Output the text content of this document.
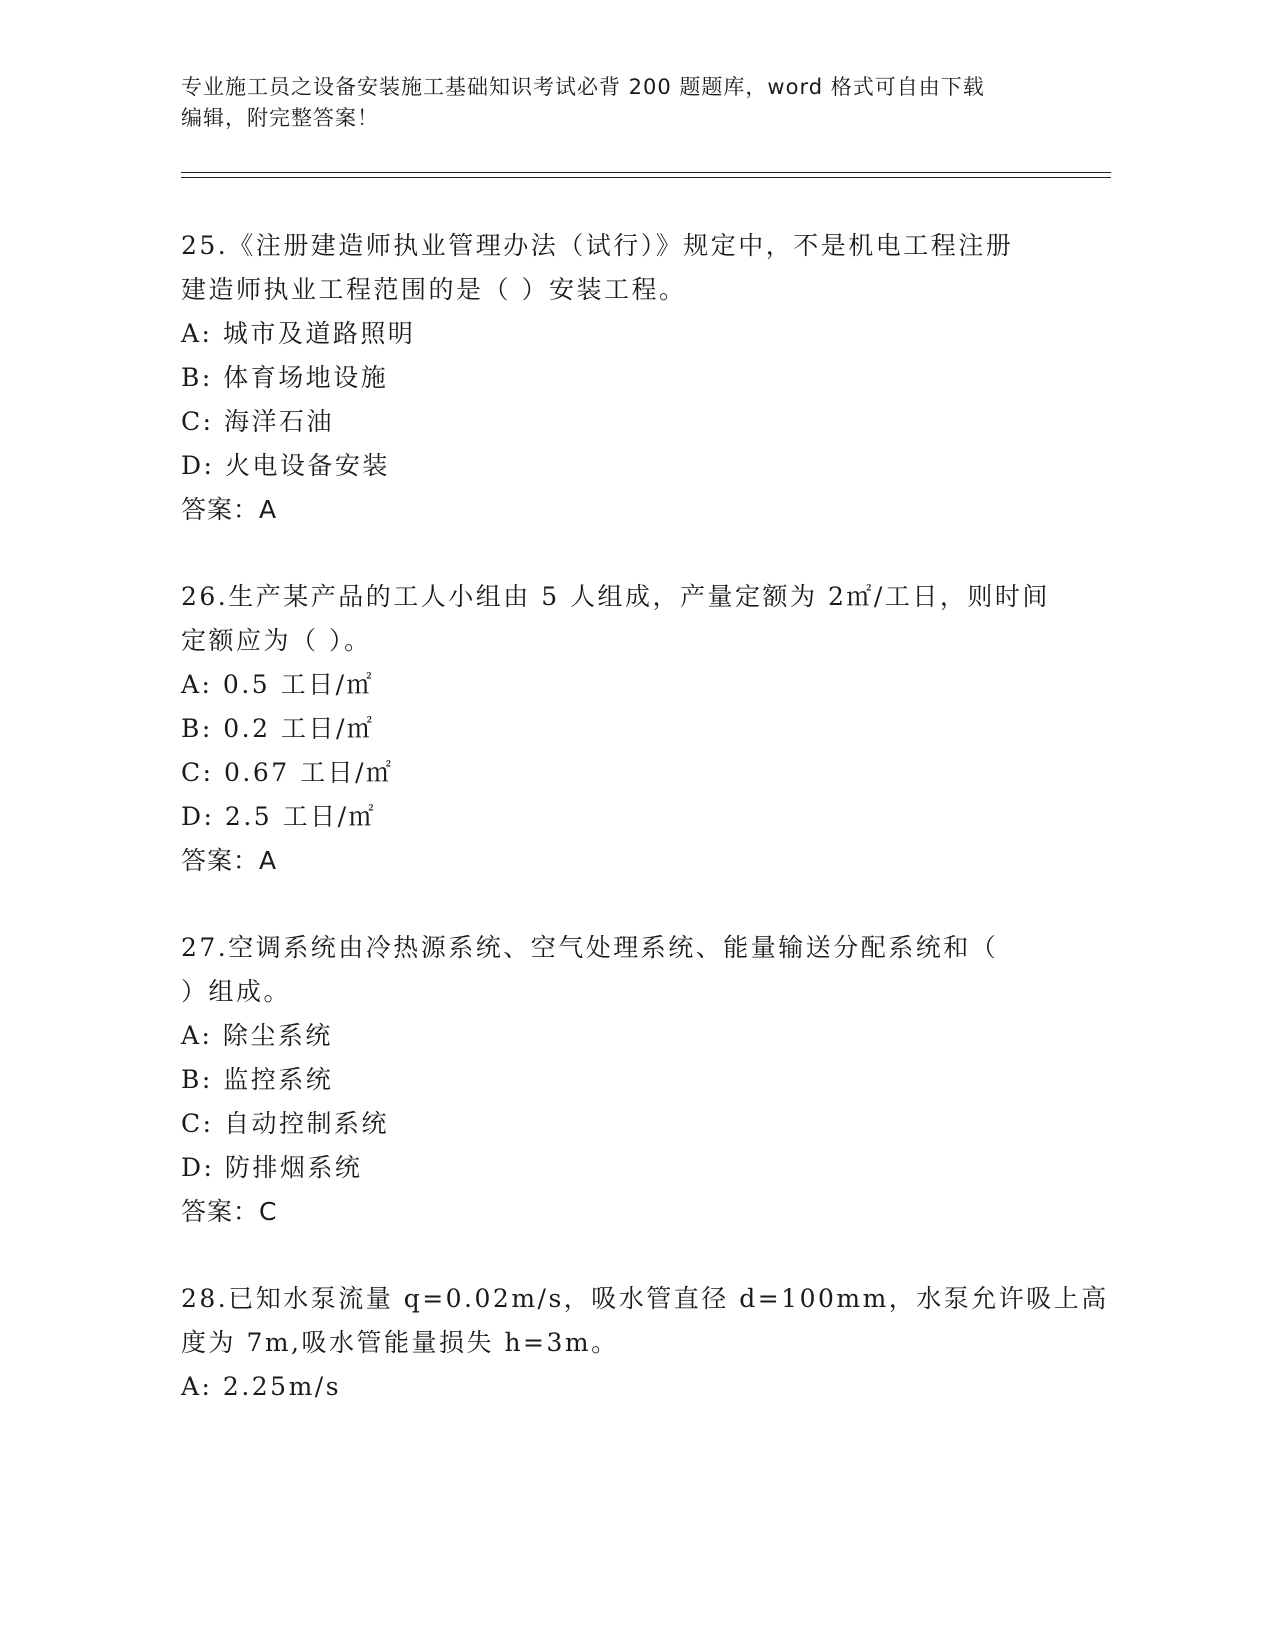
专业施工员之设备安装施工基础知识考试必背 200 题题库，word 格式可自由下载
编辑，附完整答案！
25.《注册建造师执业管理办法（试行）》规定中，不是机电工程注册
建造师执业工程范围的是（ ）安装工程。
A: 城市及道路照明
B: 体育场地设施
C: 海洋石油
D: 火电设备安装
答案：A
26.生产某产品的工人小组由 5 人组成，产量定额为 2㎡/工日，则时间
定额应为（ ）。
A: 0.5 工日/㎡
B: 0.2 工日/㎡
C: 0.67 工日/㎡
D: 2.5 工日/㎡
答案：A
27.空调系统由冷热源系统、空气处理系统、能量输送分配系统和（
）组成。
A: 除尘系统
B: 监控系统
C: 自动控制系统
D: 防排烟系统
答案：C
28.已知水泵流量 q=0.02m/s，吸水管直径 d=100mm，水泵允许吸上高
度为 7m,吸水管能量损失 h=3m。
A: 2.25m/s
